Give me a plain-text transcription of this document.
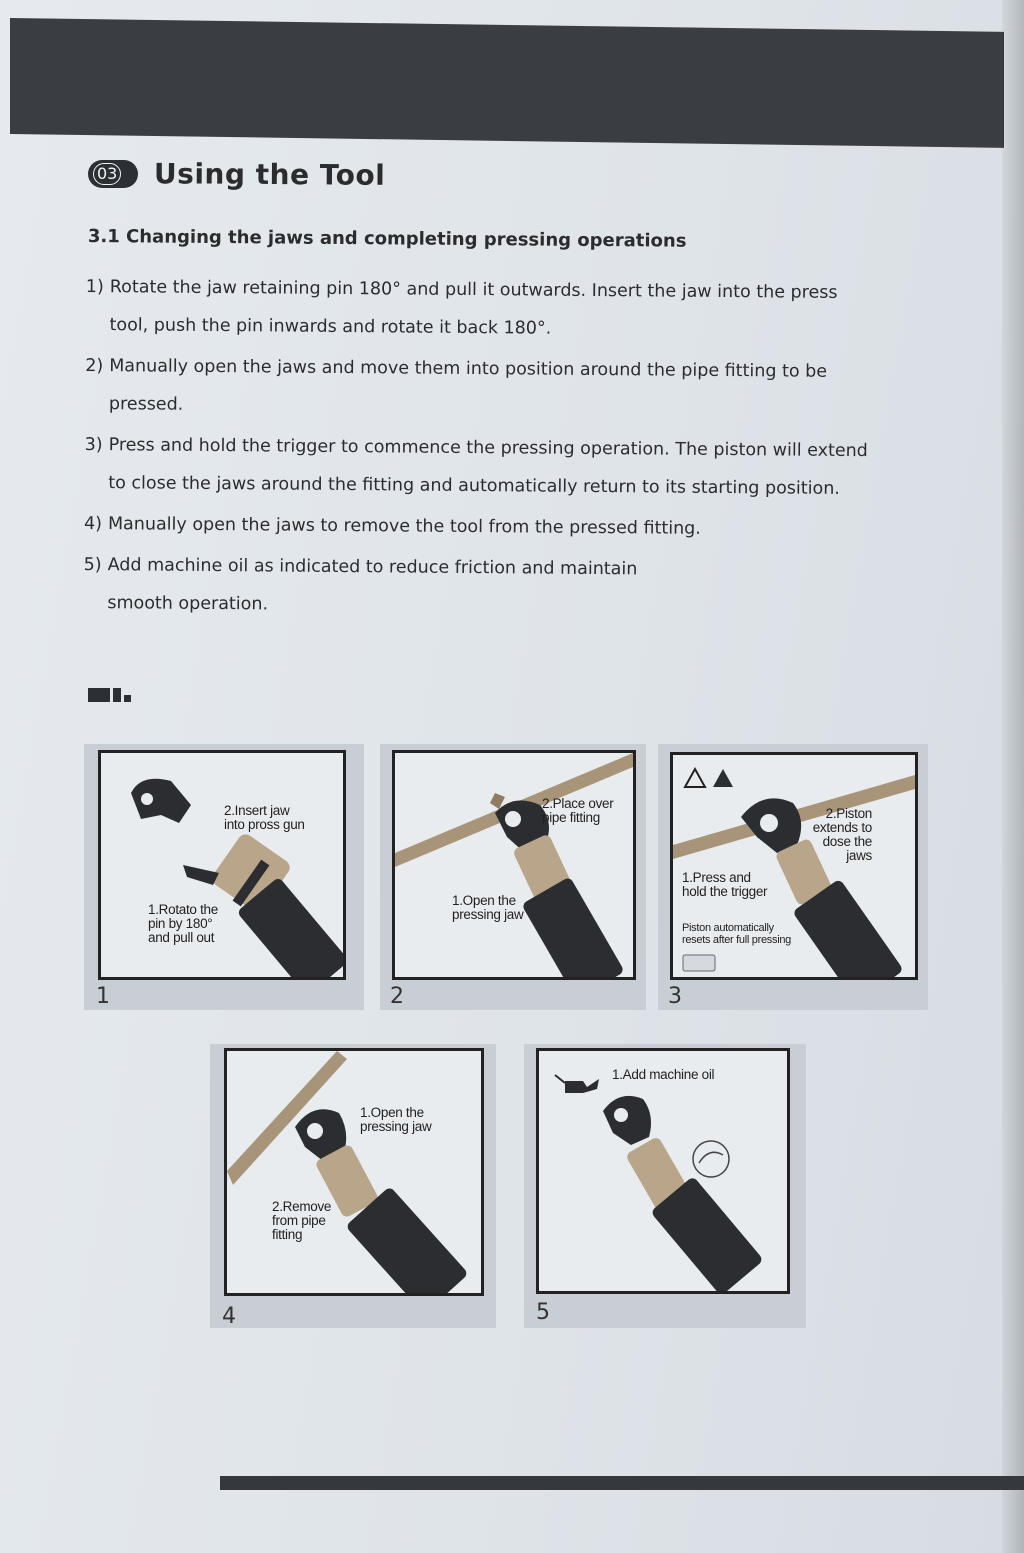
03	Using the Tool
3.1 Changing the jaws and completing pressing operations
1) Rotate the jaw retaining pin 180° and pull it outwards. Insert the jaw into the press
tool, push the pin inwards and rotate it back 180°.
2) Manually open the jaws and move them into position around the pipe fitting to be
pressed.
3) Press and hold the trigger to commence the pressing operation. The piston will extend
to close the jaws around the fitting and automatically return to its starting position.
4) Manually open the jaws to remove the tool from the pressed fitting.
5) Add machine oil as indicated to reduce friction and maintain
smooth operation.
2.Insert jaw
into pross gun
1.Rotato the
pin by 180°
and pull out
1
2.Place over
pipe fitting
1.Open the
pressing jaw
2
2.Piston
extends to
dose the
jaws
1.Press and
hold the trigger
Piston automatically
resets after full pressing
3
1.Open the
pressing jaw
2.Remove
from pipe
fitting
4
1.Add machine oil
5
